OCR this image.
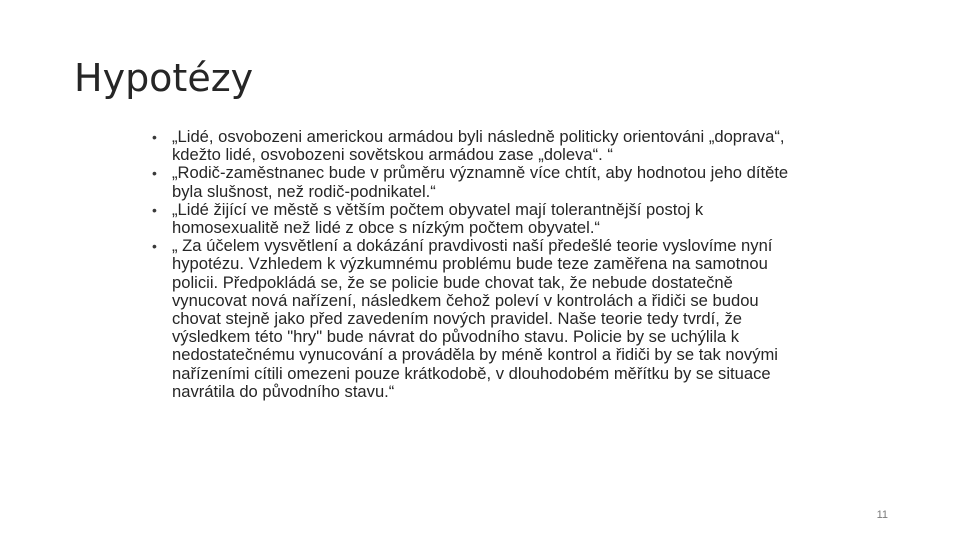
Hypotézy
• „Lidé, osvobozeni americkou armádou byli následně politicky orientováni „doprava“, kdežto lidé, osvobozeni sovětskou armádou zase „doleva“. “
• „Rodič-zaměstnanec bude v průměru významně více chtít, aby hodnotou jeho dítěte byla slušnost, než rodič-podnikatel.“
• „Lidé žijící ve městě s větším počtem obyvatel mají tolerantnější postoj k homosexualitě než lidé z obce s nízkým počtem obyvatel.“
• „ Za účelem vysvětlení a dokázání pravdivosti naší předešlé teorie vyslovíme nyní hypotézu. Vzhledem k výzkumnému problému bude teze zaměřena na samotnou policii. Předpokládá se, že se policie bude chovat tak, že nebude dostatečně vynucovat nová nařízení, následkem čehož poleví v kontrolách a řidiči se budou chovat stejně jako před zavedením nových pravidel. Naše teorie tedy tvrdí, že výsledkem této "hry" bude návrat do původního stavu. Policie by se uchýlila k nedostatečnému vynucování a prováděla by méně kontrol a řidiči by se tak novými nařízeními cítili omezeni pouze krátkodobě, v dlouhodobém měřítku by se situace navrátila do původního stavu.“
11
